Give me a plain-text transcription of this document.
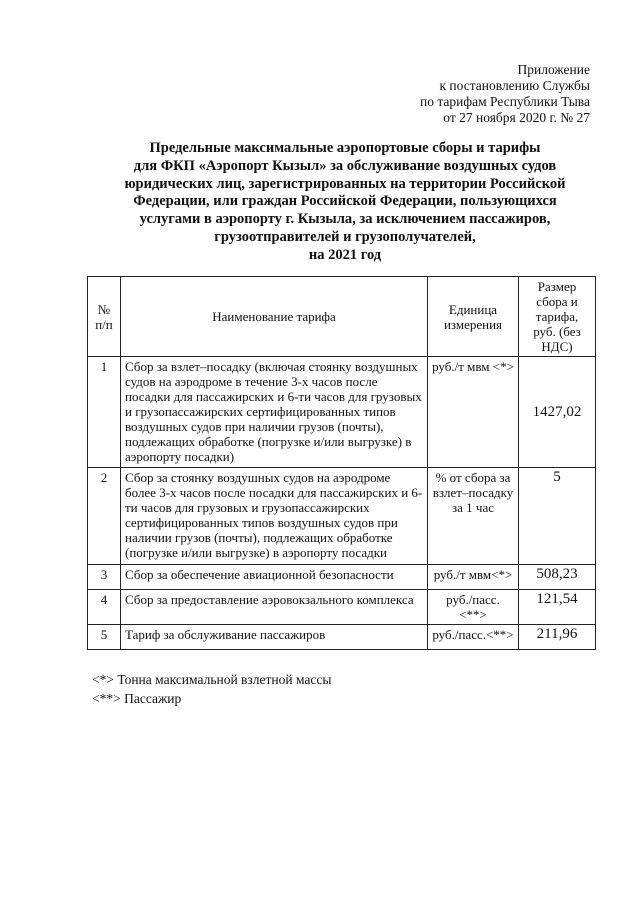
Приложение
к постановлению Службы
по тарифам Республики Тыва
от 27 ноября 2020 г. № 27
Предельные максимальные аэропортовые сборы и тарифы
для ФКП «Аэропорт Кызыл» за обслуживание воздушных судов
юридических лиц, зарегистрированных на территории Российской
Федерации, или граждан Российской Федерации, пользующихся
услугами в аэропорту г. Кызыла, за исключением пассажиров,
грузоотправителей и грузополучателей,
на 2021 год
№ п/п	Наименование тарифа	Единица измерения	Размер сбора и тарифа, руб. (без НДС)
1	Сбор за взлет–посадку (включая стоянку воздушных судов на аэродроме в течение 3-х часов после посадки для пассажирских и 6-ти часов для грузовых и грузопассажирских сертифицированных типов воздушных судов при наличии грузов (почты), подлежащих обработке (погрузке и/или выгрузке) в аэропорту посадки)	руб./т мвм <*>	1427,02
2	Сбор за стоянку воздушных судов на аэродроме более 3-х часов после посадки для пассажирских и 6-ти часов для грузовых и грузопассажирских сертифицированных типов воздушных судов при наличии грузов (почты), подлежащих обработке (погрузке и/или выгрузке) в аэропорту посадки	% от сбора за взлет–посадку за 1 час	5
3	Сбор за обеспечение авиационной безопасности	руб./т мвм<*>	508,23
4	Сбор за предоставление аэровокзального комплекса	руб./пасс. <**>	121,54
5	Тариф за обслуживание пассажиров	руб./пасс.<**>	211,96
<*> Тонна максимальной взлетной массы
<**> Пассажир
